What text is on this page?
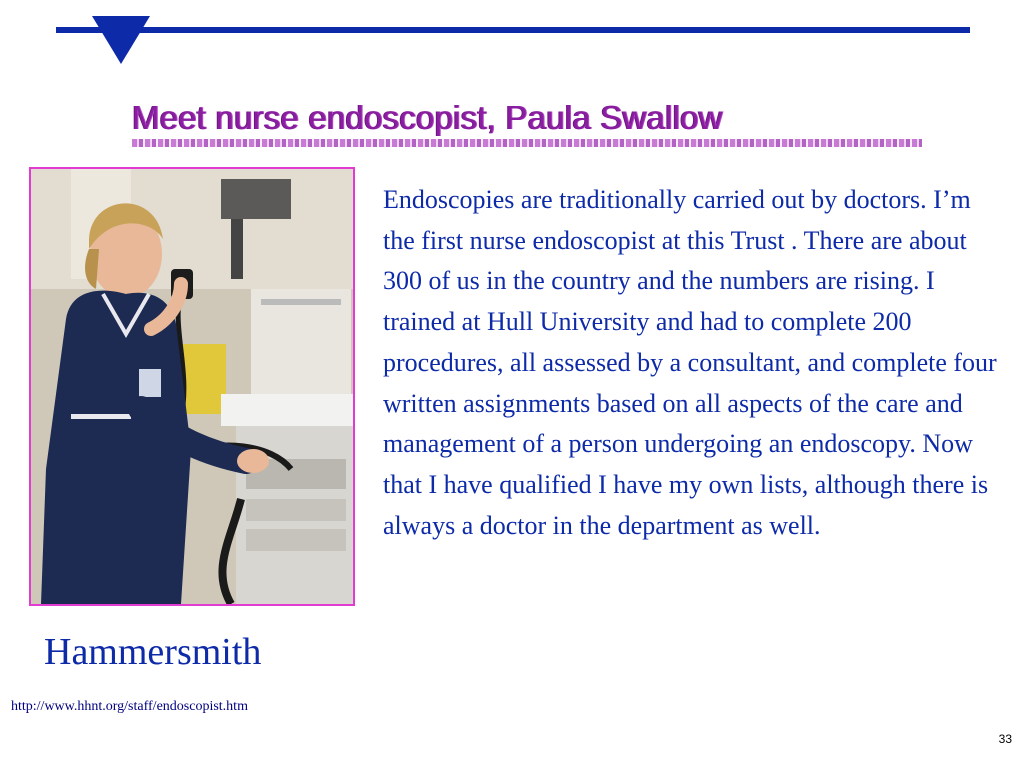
Meet nurse endoscopist, Paula Swallow
Hammersmith
http://www.hhnt.org/staff/endoscopist.htm

Endoscopies are traditionally carried out by doctors. I’m the first nurse endoscopist at this Trust . There are about 300 of us in the country and the numbers are rising. I trained at Hull University and had to complete 200 procedures, all assessed by a consultant, and complete four written assignments based on all aspects of the care and management of a person undergoing an endoscopy. Now that I have qualified I have my own lists, although there is always a doctor in the department as well.

33
